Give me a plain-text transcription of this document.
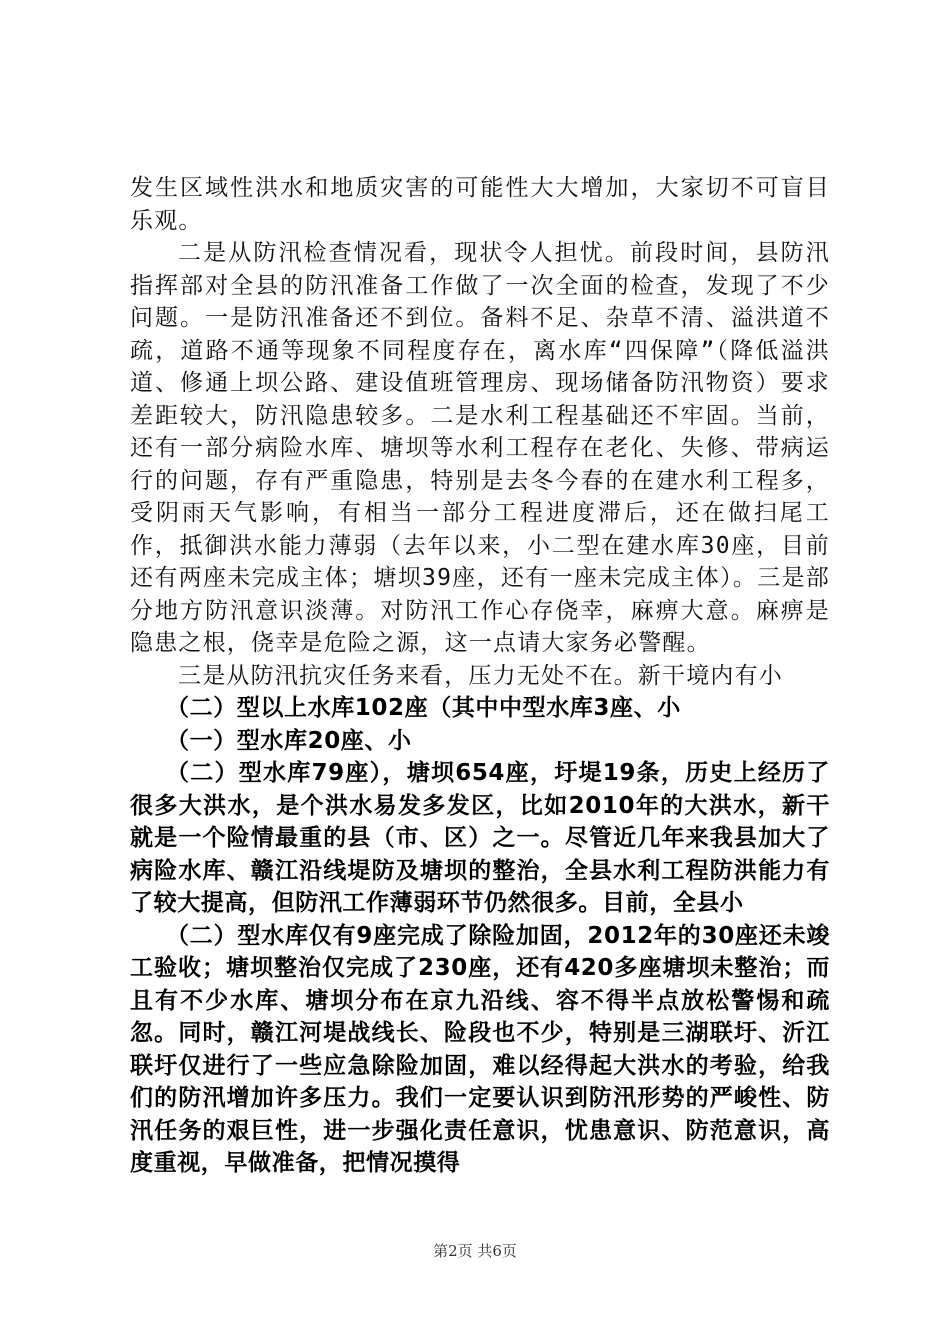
发生区域性洪水和地质灾害的可能性大大增加，大家切不可盲目乐观。

二是从防汛检查情况看，现状令人担忧。前段时间，县防汛指挥部对全县的防汛准备工作做了一次全面的检查，发现了不少问题。一是防汛准备还不到位。备料不足、杂草不清、溢洪道不疏，道路不通等现象不同程度存在，离水库“四保障”（降低溢洪道、修通上坝公路、建设值班管理房、现场储备防汛物资）要求差距较大，防汛隐患较多。二是水利工程基础还不牢固。当前，还有一部分病险水库、塘坝等水利工程存在老化、失修、带病运行的问题，存有严重隐患，特别是去冬今春的在建水利工程多，受阴雨天气影响，有相当一部分工程进度滞后，还在做扫尾工作，抵御洪水能力薄弱（去年以来，小二型在建水库30座，目前还有两座未完成主体；塘坝39座，还有一座未完成主体）。三是部分地方防汛意识淡薄。对防汛工作心存侥幸，麻痹大意。麻痹是隐患之根，侥幸是危险之源，这一点请大家务必警醒。

三是从防汛抗灾任务来看，压力无处不在。新干境内有小

（二）型以上水库102座（其中中型水库3座、小

（一）型水库20座、小

（二）型水库79座），塘坝654座，圩堤19条，历史上经历了很多大洪水，是个洪水易发多发区，比如2010年的大洪水，新干就是一个险情最重的县（市、区）之一。尽管近几年来我县加大了病险水库、赣江沿线堤防及塘坝的整治，全县水利工程防洪能力有了较大提高，但防汛工作薄弱环节仍然很多。目前，全县小

（二）型水库仅有9座完成了除险加固，2012年的30座还未竣工验收；塘坝整治仅完成了230座，还有420多座塘坝未整治；而且有不少水库、塘坝分布在京九沿线、容不得半点放松警惕和疏忽。同时，赣江河堤战线长、险段也不少，特别是三湖联圩、沂江联圩仅进行了一些应急除险加固，难以经得起大洪水的考验，给我们的防汛增加许多压力。我们一定要认识到防汛形势的严峻性、防汛任务的艰巨性，进一步强化责任意识，忧患意识、防范意识，高度重视，早做准备，把情况摸得

第2页 共6页
